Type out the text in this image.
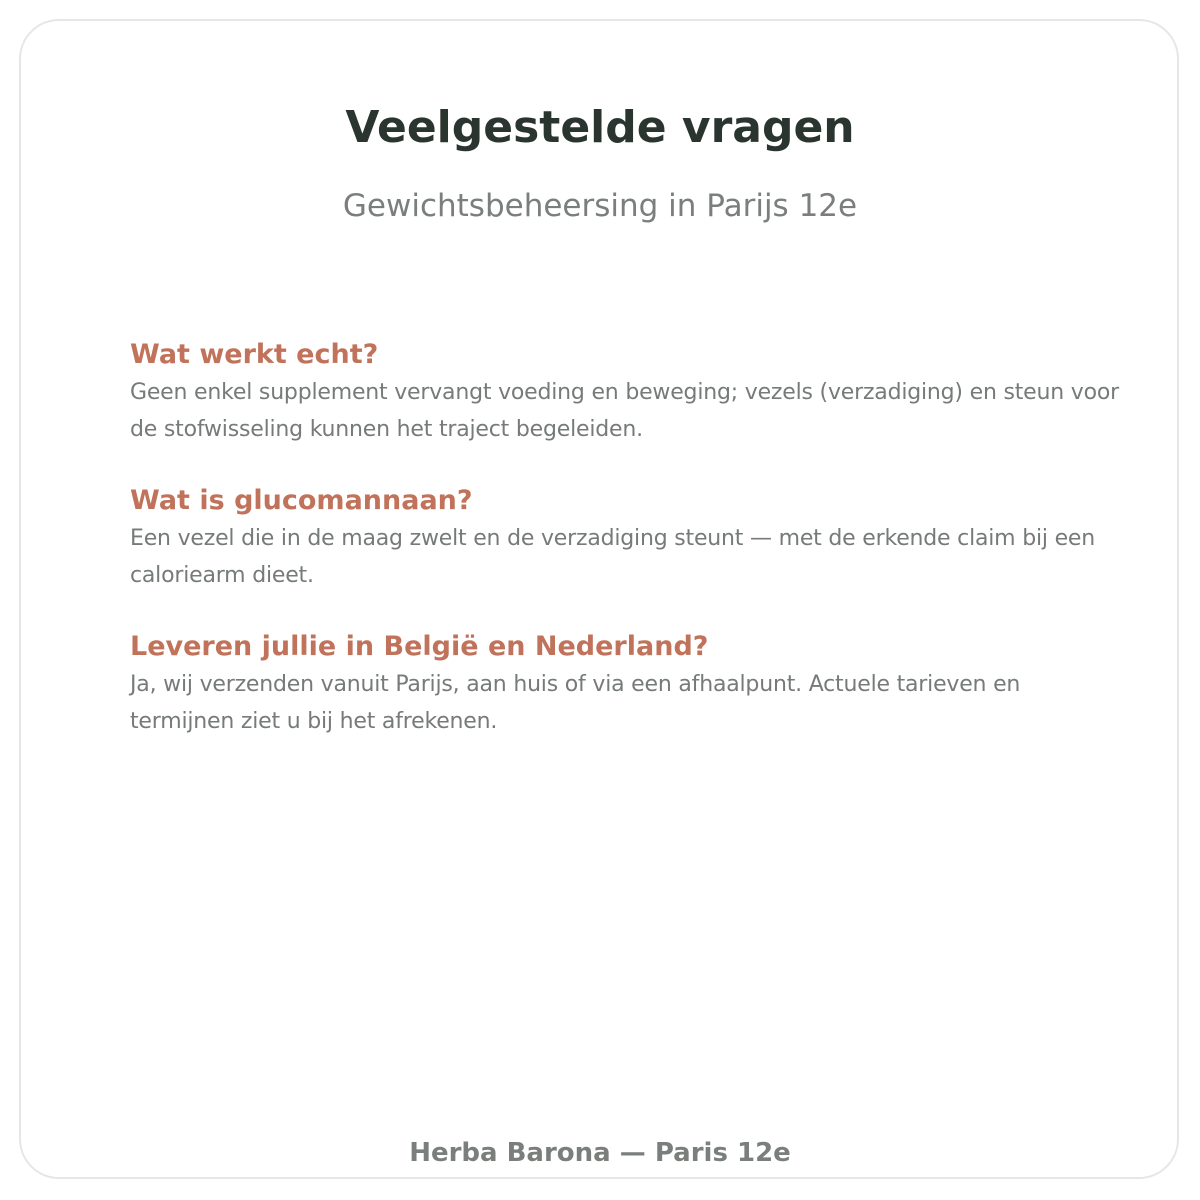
Veelgestelde vragen

Gewichtsbeheersing in Parijs 12e

Wat werkt echt?

Geen enkel supplement vervangt voeding en beweging; vezels (verzadiging) en steun voor de stofwisseling kunnen het traject begeleiden.

Wat is glucomannaan?

Een vezel die in de maag zwelt en de verzadiging steunt — met de erkende claim bij een caloriearm dieet.

Leveren jullie in België en Nederland?

Ja, wij verzenden vanuit Parijs, aan huis of via een afhaalpunt. Actuele tarieven en termijnen ziet u bij het afrekenen.

Herba Barona — Paris 12e
